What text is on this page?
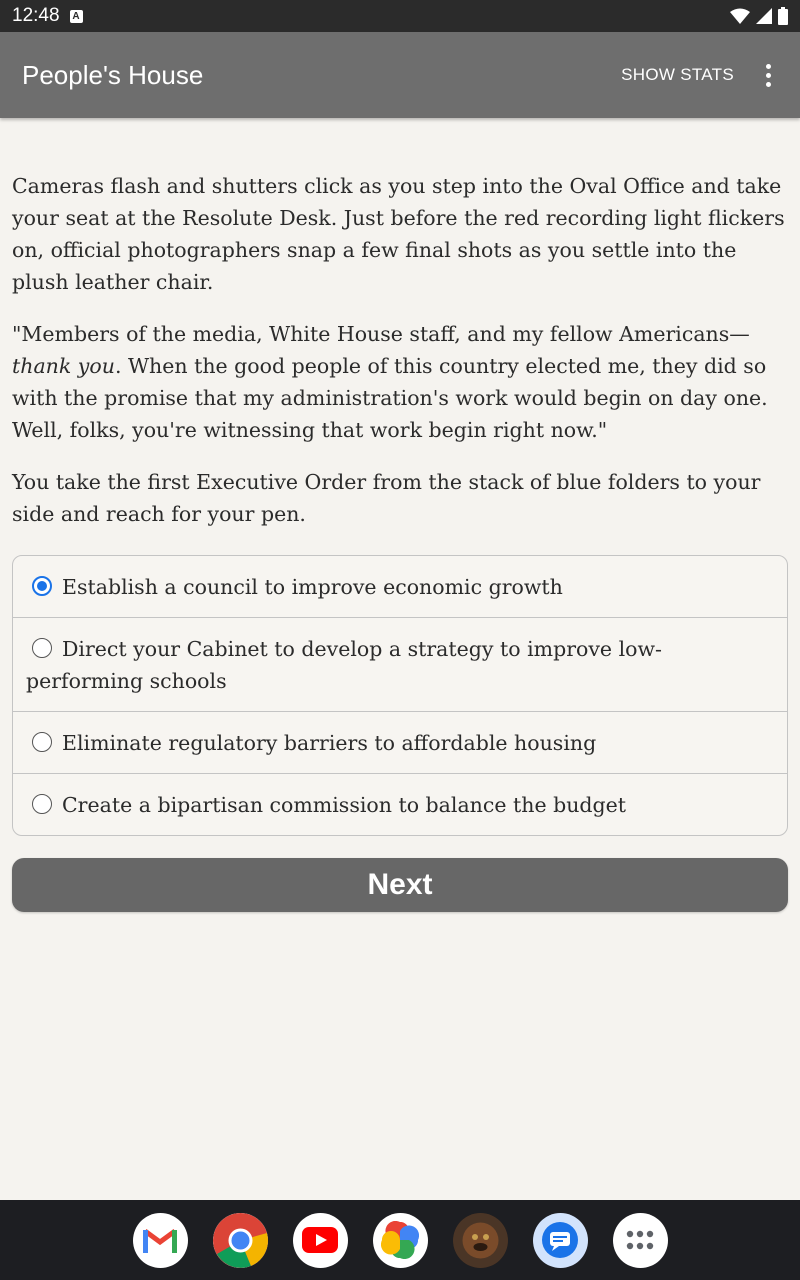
12:48 A
People's House	SHOW STATS

Cameras flash and shutters click as you step into the Oval Office and take your seat at the Resolute Desk. Just before the red recording light flickers on, official photographers snap a few final shots as you settle into the plush leather chair.

"Members of the media, White House staff, and my fellow Americans—thank you. When the good people of this country elected me, they did so with the promise that my administration's work would begin on day one. Well, folks, you're witnessing that work begin right now."

You take the first Executive Order from the stack of blue folders to your side and reach for your pen.

Establish a council to improve economic growth
Direct your Cabinet to develop a strategy to improve low-performing schools
Eliminate regulatory barriers to affordable housing
Create a bipartisan commission to balance the budget
Next
